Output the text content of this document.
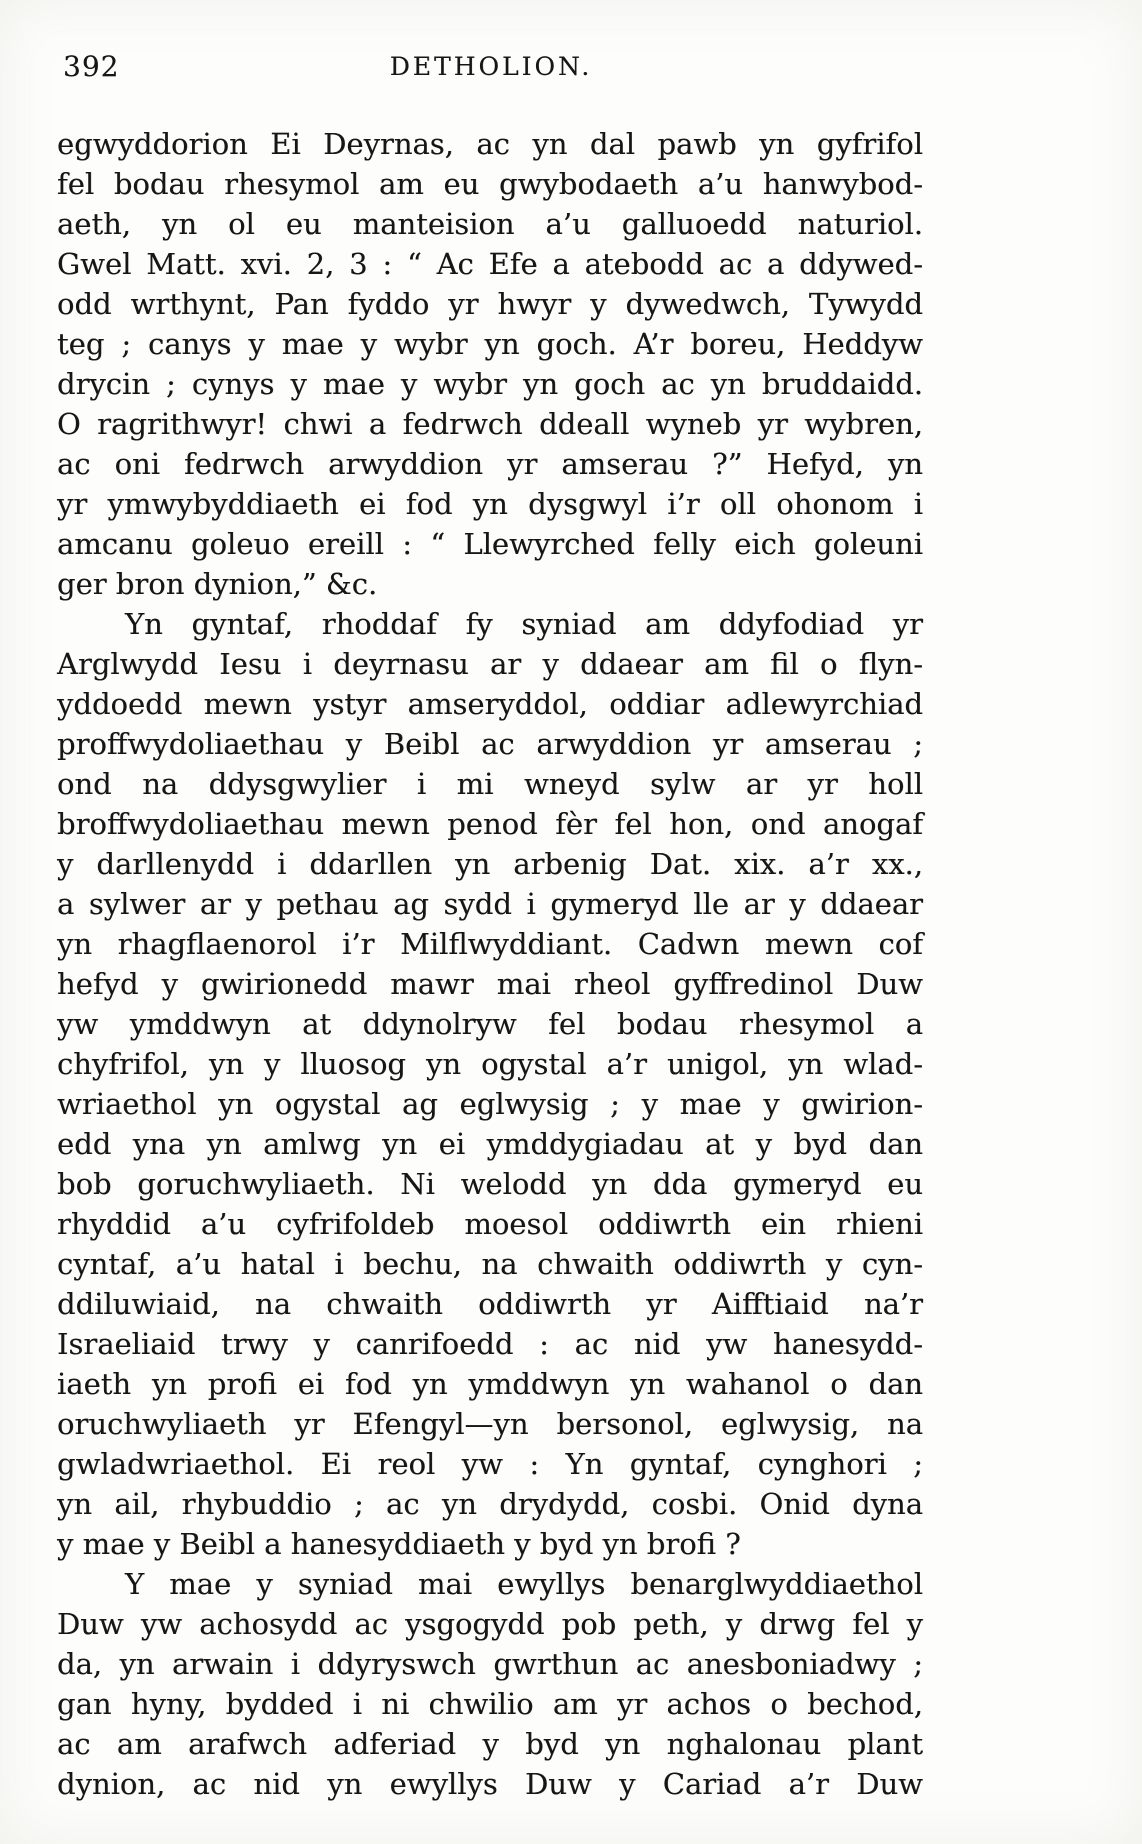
392	DETHOLION.
egwyddorion Ei Deyrnas, ac yn dal pawb yn gyfrifol
fel bodau rhesymol am eu gwybodaeth a’u hanwybod-
aeth, yn ol eu manteision a’u galluoedd naturiol.
Gwel Matt. xvi. 2, 3 : “ Ac Efe a atebodd ac a ddywed-
odd wrthynt, Pan fyddo yr hwyr y dywedwch, Tywydd
teg ; canys y mae y wybr yn goch. A’r boreu, Heddyw
drycin ; cynys y mae y wybr yn goch ac yn bruddaidd.
O ragrithwyr! chwi a fedrwch ddeall wyneb yr wybren,
ac oni fedrwch arwyddion yr amserau ?” Hefyd, yn
yr ymwybyddiaeth ei fod yn dysgwyl i’r oll ohonom i
amcanu goleuo ereill : “ Llewyrched felly eich goleuni
ger bron dynion,” &c.
Yn gyntaf, rhoddaf fy syniad am ddyfodiad yr
Arglwydd Iesu i deyrnasu ar y ddaear am fil o flyn-
yddoedd mewn ystyr amseryddol, oddiar adlewyrchiad
proffwydoliaethau y Beibl ac arwyddion yr amserau ;
ond na ddysgwylier i mi wneyd sylw ar yr holl
broffwydoliaethau mewn penod fèr fel hon, ond anogaf
y darllenydd i ddarllen yn arbenig Dat. xix. a’r xx.,
a sylwer ar y pethau ag sydd i gymeryd lle ar y ddaear
yn rhagflaenorol i’r Milflwyddiant. Cadwn mewn cof
hefyd y gwirionedd mawr mai rheol gyffredinol Duw
yw ymddwyn at ddynolryw fel bodau rhesymol a
chyfrifol, yn y lluosog yn ogystal a’r unigol, yn wlad-
wriaethol yn ogystal ag eglwysig ; y mae y gwirion-
edd yna yn amlwg yn ei ymddygiadau at y byd dan
bob goruchwyliaeth. Ni welodd yn dda gymeryd eu
rhyddid a’u cyfrifoldeb moesol oddiwrth ein rhieni
cyntaf, a’u hatal i bechu, na chwaith oddiwrth y cyn-
ddiluwiaid, na chwaith oddiwrth yr Aifftiaid na’r
Israeliaid trwy y canrifoedd : ac nid yw hanesydd-
iaeth yn profi ei fod yn ymddwyn yn wahanol o dan
oruchwyliaeth yr Efengyl—yn bersonol, eglwysig, na
gwladwriaethol. Ei reol yw : Yn gyntaf, cynghori ;
yn ail, rhybuddio ; ac yn drydydd, cosbi. Onid dyna
y mae y Beibl a hanesyddiaeth y byd yn brofi ?
Y mae y syniad mai ewyllys benarglwyddiaethol
Duw yw achosydd ac ysgogydd pob peth, y drwg fel y
da, yn arwain i ddyryswch gwrthun ac anesboniadwy ;
gan hyny, bydded i ni chwilio am yr achos o bechod,
ac am arafwch adferiad y byd yn nghalonau plant
dynion, ac nid yn ewyllys Duw y Cariad a’r Duw
